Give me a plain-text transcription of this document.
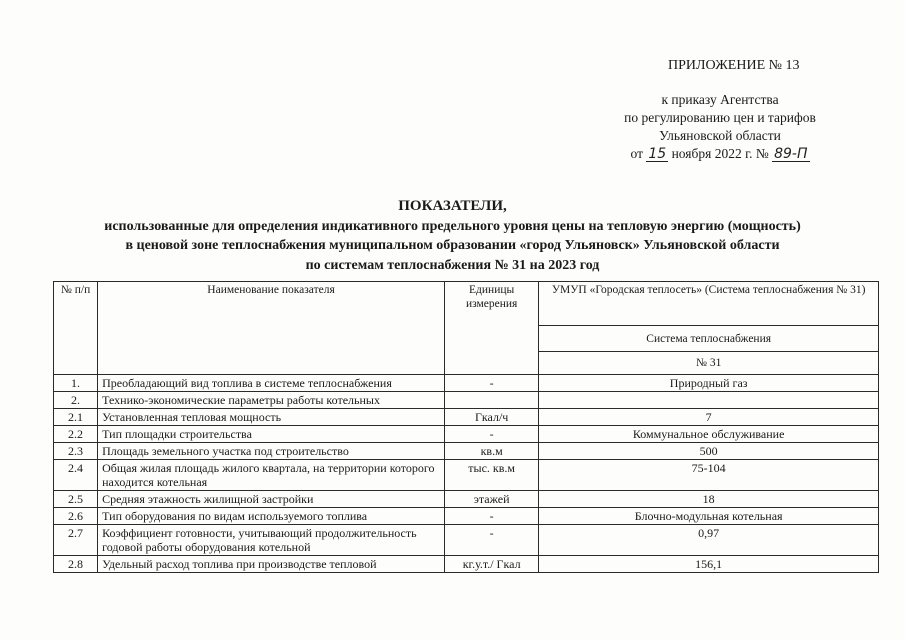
ПРИЛОЖЕНИЕ № 13
к приказу Агентства
по регулированию цен и тарифов
Ульяновской области
от 15 ноября 2022 г. № 89-П
ПОКАЗАТЕЛИ,
использованные для определения индикативного предельного уровня цены на тепловую энергию (мощность)
в ценовой зоне теплоснабжения муниципальном образовании «город Ульяновск» Ульяновской области
по системам теплоснабжения № 31 на 2023 год
№ п/п	Наименование показателя	Единицы измерения	УМУП «Городская теплосеть» (Система теплоснабжения № 31)
			Система теплоснабжения
			№ 31
1.	Преобладающий вид топлива в системе теплоснабжения	-	Природный газ
2.	Технико-экономические параметры работы котельных		
2.1	Установленная тепловая мощность	Гкал/ч	7
2.2	Тип площадки строительства	-	Коммунальное обслуживание
2.3	Площадь земельного участка под строительство	кв.м	500
2.4	Общая жилая площадь жилого квартала, на территории которого находится котельная	тыс. кв.м	75-104
2.5	Средняя этажность жилищной застройки	этажей	18
2.6	Тип оборудования по видам используемого топлива	-	Блочно-модульная котельная
2.7	Коэффициент готовности, учитывающий продолжительность годовой работы оборудования котельной	-	0,97
2.8	Удельный расход топлива при производстве тепловой	кг.у.т./ Гкал	156,1
